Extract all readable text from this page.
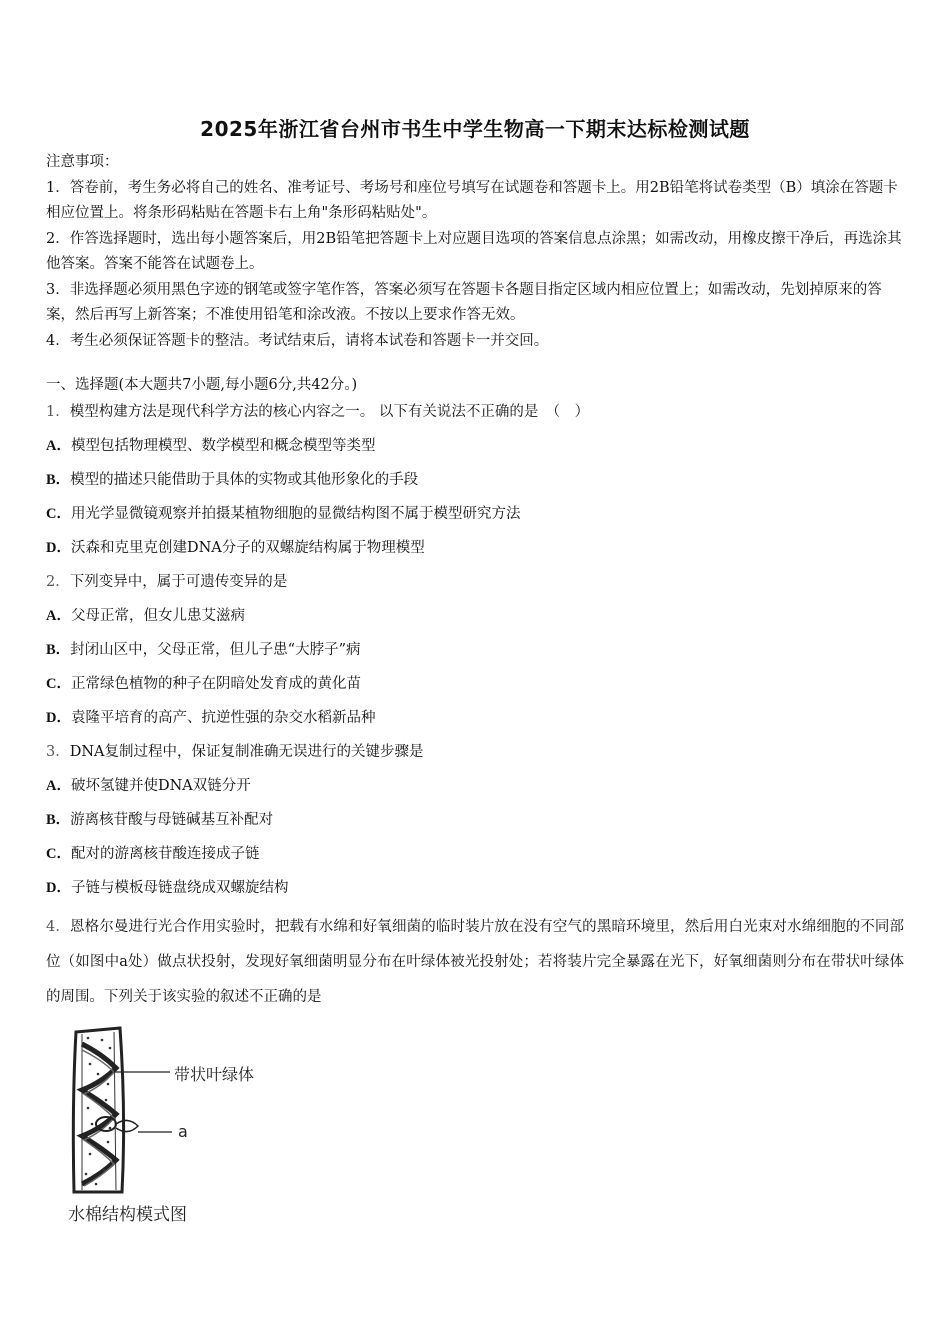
2025年浙江省台州市书生中学生物高一下期末达标检测试题

注意事项：

1．答卷前，考生务必将自己的姓名、准考证号、考场号和座位号填写在试题卷和答题卡上。用2B铅笔将试卷类型（B）填涂在答题卡相应位置上。将条形码粘贴在答题卡右上角"条形码粘贴处"。

2．作答选择题时，选出每小题答案后，用2B铅笔把答题卡上对应题目选项的答案信息点涂黑；如需改动，用橡皮擦干净后，再选涂其他答案。答案不能答在试题卷上。

3．非选择题必须用黑色字迹的钢笔或签字笔作答，答案必须写在答题卡各题目指定区域内相应位置上；如需改动，先划掉原来的答案，然后再写上新答案；不准使用铅笔和涂改液。不按以上要求作答无效。

4．考生必须保证答题卡的整洁。考试结束后，请将本试卷和答题卡一并交回。

一、选择题(本大题共7小题,每小题6分,共42分。)
1．模型构建方法是现代科学方法的核心内容之一。 以下有关说法不正确的是　（　）
A．模型包括物理模型、数学模型和概念模型等类型
B．模型的描述只能借助于具体的实物或其他形象化的手段
C．用光学显微镜观察并拍摄某植物细胞的显微结构图不属于模型研究方法
D．沃森和克里克创建DNA分子的双螺旋结构属于物理模型
2．下列变异中，属于可遗传变异的是
A．父母正常，但女儿患艾滋病
B．封闭山区中，父母正常，但儿子患“大脖子”病
C．正常绿色植物的种子在阴暗处发育成的黄化苗
D．袁隆平培育的高产、抗逆性强的杂交水稻新品种
3．DNA复制过程中，保证复制准确无误进行的关键步骤是
A．破坏氢键并使DNA双链分开
B．游离核苷酸与母链碱基互补配对
C．配对的游离核苷酸连接成子链
D．子链与模板母链盘绕成双螺旋结构
4．恩格尔曼进行光合作用实验时，把载有水绵和好氧细菌的临时装片放在没有空气的黑暗环境里，然后用白光束对水绵细胞的不同部位（如图中a处）做点状投射，发现好氧细菌明显分布在叶绿体被光投射处；若将装片完全暴露在光下，好氧细菌则分布在带状叶绿体的周围。下列关于该实验的叙述不正确的是
带状叶绿体
a
水棉结构模式图
